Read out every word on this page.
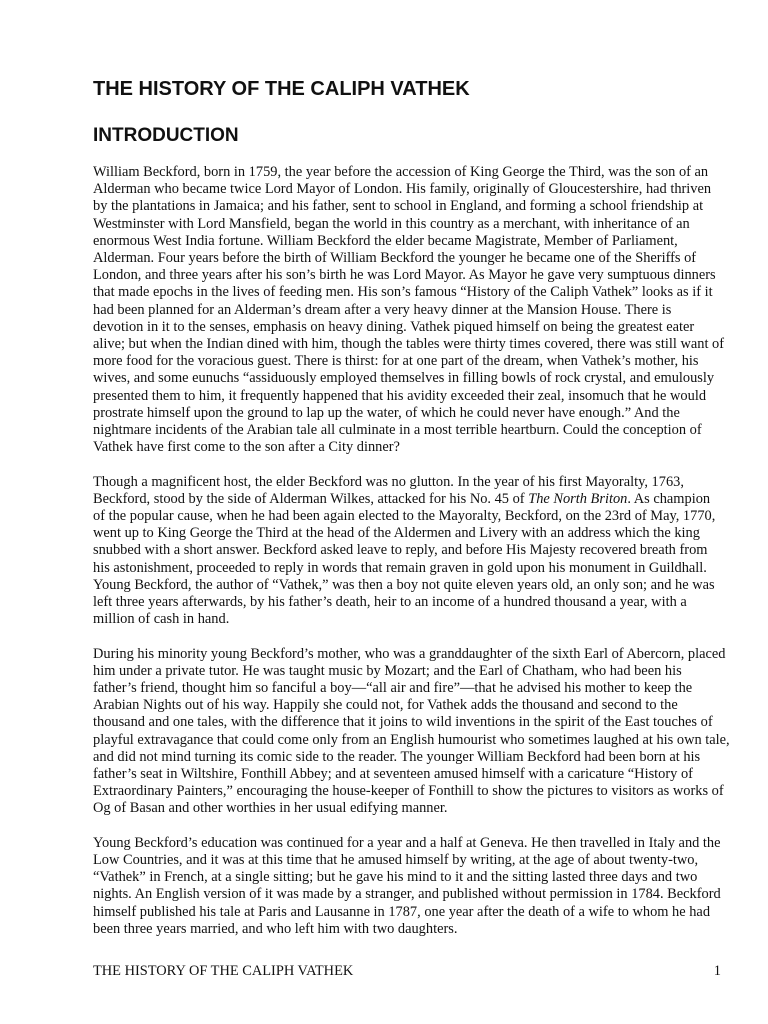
THE HISTORY OF THE CALIPH VATHEK
INTRODUCTION

William Beckford, born in 1759, the year before the accession of King George the Third, was the son of an
Alderman who became twice Lord Mayor of London. His family, originally of Gloucestershire, had thriven
by the plantations in Jamaica; and his father, sent to school in England, and forming a school friendship at
Westminster with Lord Mansfield, began the world in this country as a merchant, with inheritance of an
enormous West India fortune. William Beckford the elder became Magistrate, Member of Parliament,
Alderman. Four years before the birth of William Beckford the younger he became one of the Sheriffs of
London, and three years after his son’s birth he was Lord Mayor. As Mayor he gave very sumptuous dinners
that made epochs in the lives of feeding men. His son’s famous “History of the Caliph Vathek” looks as if it
had been planned for an Alderman’s dream after a very heavy dinner at the Mansion House. There is
devotion in it to the senses, emphasis on heavy dining. Vathek piqued himself on being the greatest eater
alive; but when the Indian dined with him, though the tables were thirty times covered, there was still want of
more food for the voracious guest. There is thirst: for at one part of the dream, when Vathek’s mother, his
wives, and some eunuchs “assiduously employed themselves in filling bowls of rock crystal, and emulously
presented them to him, it frequently happened that his avidity exceeded their zeal, insomuch that he would
prostrate himself upon the ground to lap up the water, of which he could never have enough.” And the
nightmare incidents of the Arabian tale all culminate in a most terrible heartburn. Could the conception of
Vathek have first come to the son after a City dinner?

Though a magnificent host, the elder Beckford was no glutton. In the year of his first Mayoralty, 1763,
Beckford, stood by the side of Alderman Wilkes, attacked for his No. 45 of The North Briton. As champion
of the popular cause, when he had been again elected to the Mayoralty, Beckford, on the 23rd of May, 1770,
went up to King George the Third at the head of the Aldermen and Livery with an address which the king
snubbed with a short answer. Beckford asked leave to reply, and before His Majesty recovered breath from
his astonishment, proceeded to reply in words that remain graven in gold upon his monument in Guildhall.
Young Beckford, the author of “Vathek,” was then a boy not quite eleven years old, an only son; and he was
left three years afterwards, by his father’s death, heir to an income of a hundred thousand a year, with a
million of cash in hand.

During his minority young Beckford’s mother, who was a granddaughter of the sixth Earl of Abercorn, placed
him under a private tutor. He was taught music by Mozart; and the Earl of Chatham, who had been his
father’s friend, thought him so fanciful a boy—“all air and fire”—that he advised his mother to keep the
Arabian Nights out of his way. Happily she could not, for Vathek adds the thousand and second to the
thousand and one tales, with the difference that it joins to wild inventions in the spirit of the East touches of
playful extravagance that could come only from an English humourist who sometimes laughed at his own tale,
and did not mind turning its comic side to the reader. The younger William Beckford had been born at his
father’s seat in Wiltshire, Fonthill Abbey; and at seventeen amused himself with a caricature “History of
Extraordinary Painters,” encouraging the house-keeper of Fonthill to show the pictures to visitors as works of
Og of Basan and other worthies in her usual edifying manner.

Young Beckford’s education was continued for a year and a half at Geneva. He then travelled in Italy and the
Low Countries, and it was at this time that he amused himself by writing, at the age of about twenty-two,
“Vathek” in French, at a single sitting; but he gave his mind to it and the sitting lasted three days and two
nights. An English version of it was made by a stranger, and published without permission in 1784. Beckford
himself published his tale at Paris and Lausanne in 1787, one year after the death of a wife to whom he had
been three years married, and who left him with two daughters.

THE HISTORY OF THE CALIPH VATHEK	1
